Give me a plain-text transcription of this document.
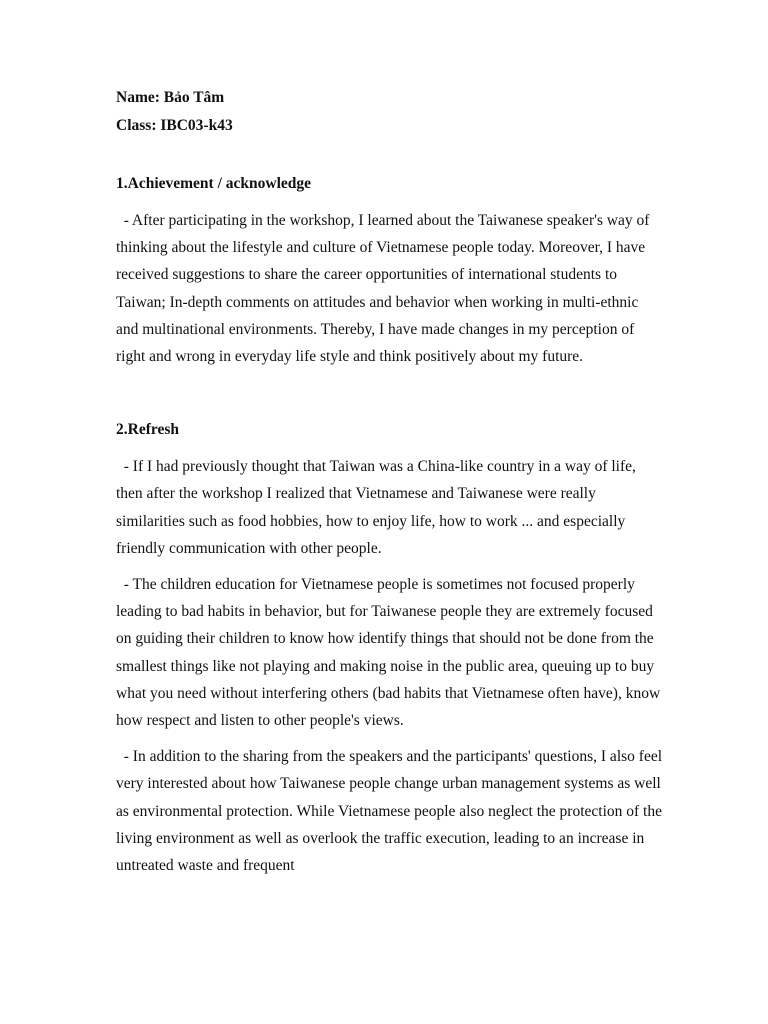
Name: Bảo Tâm

Class: IBC03-k43

1.Achievement / acknowledge

- After participating in the workshop, I learned about the Taiwanese speaker's way of thinking about the lifestyle and culture of Vietnamese people today. Moreover, I have received suggestions to share the career opportunities of international students to Taiwan; In-depth comments on attitudes and behavior when working in multi-ethnic and multinational environments. Thereby, I have made changes in my perception of right and wrong in everyday life style and think positively about my future.

2.Refresh

- If I had previously thought that Taiwan was a China-like country in a way of life, then after the workshop I realized that Vietnamese and Taiwanese were really similarities such as food hobbies, how to enjoy life, how to work ... and especially friendly communication with other people.

- The children education for Vietnamese people is sometimes not focused properly leading to bad habits in behavior, but for Taiwanese people they are extremely focused on guiding their children to know how identify things that should not be done from the smallest things like not playing and making noise in the public area, queuing up to buy what you need without interfering others (bad habits that Vietnamese often have), know how respect and listen to other people's views.

- In addition to the sharing from the speakers and the participants' questions, I also feel very interested about how Taiwanese people change urban management systems as well as environmental protection. While Vietnamese people also neglect the protection of the living environment as well as overlook the traffic execution, leading to an increase in untreated waste and frequent
